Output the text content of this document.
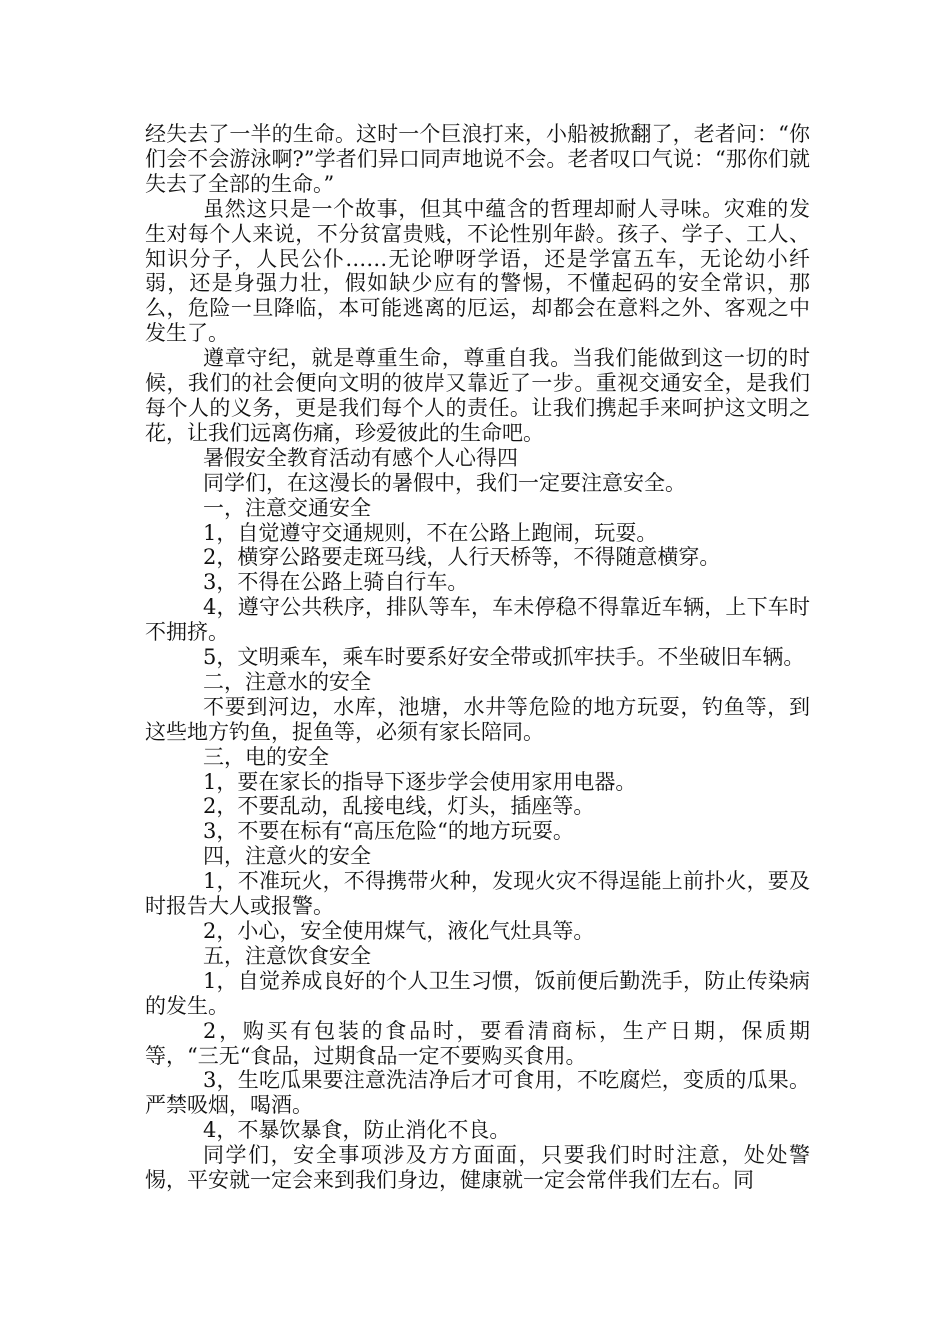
经失去了一半的生命。这时一个巨浪打来，小船被掀翻了，老者问：“你们会不会游泳啊?”学者们异口同声地说不会。老者叹口气说：“那你们就失去了全部的生命。”

虽然这只是一个故事，但其中蕴含的哲理却耐人寻味。灾难的发生对每个人来说，不分贫富贵贱，不论性别年龄。孩子、学子、工人、知识分子，人民公仆……无论咿呀学语，还是学富五车，无论幼小纤弱，还是身强力壮，假如缺少应有的警惕，不懂起码的安全常识，那么，危险一旦降临，本可能逃离的厄运，却都会在意料之外、客观之中发生了。

遵章守纪，就是尊重生命，尊重自我。当我们能做到这一切的时候，我们的社会便向文明的彼岸又靠近了一步。重视交通安全，是我们每个人的义务，更是我们每个人的责任。让我们携起手来呵护这文明之花，让我们远离伤痛，珍爱彼此的生命吧。

暑假安全教育活动有感个人心得四

同学们，在这漫长的暑假中，我们一定要注意安全。

一，注意交通安全

1，自觉遵守交通规则，不在公路上跑闹，玩耍。

2，横穿公路要走斑马线，人行天桥等，不得随意横穿。

3，不得在公路上骑自行车。

4，遵守公共秩序，排队等车，车未停稳不得靠近车辆，上下车时不拥挤。

5，文明乘车，乘车时要系好安全带或抓牢扶手。不坐破旧车辆。

二，注意水的安全

不要到河边，水库，池塘，水井等危险的地方玩耍，钓鱼等，到这些地方钓鱼，捉鱼等，必须有家长陪同。

三，电的安全

1，要在家长的指导下逐步学会使用家用电器。

2，不要乱动，乱接电线，灯头，插座等。

3，不要在标有“高压危险“的地方玩耍。

四，注意火的安全

1，不准玩火，不得携带火种，发现火灾不得逞能上前扑火，要及时报告大人或报警。

2，小心，安全使用煤气，液化气灶具等。

五，注意饮食安全

1，自觉养成良好的个人卫生习惯，饭前便后勤洗手，防止传染病的发生。

2，购买有包装的食品时，要看清商标，生产日期，保质期等，“三无“食品，过期食品一定不要购买食用。

3，生吃瓜果要注意洗洁净后才可食用，不吃腐烂，变质的瓜果。严禁吸烟，喝酒。

4，不暴饮暴食，防止消化不良。

同学们，安全事项涉及方方面面，只要我们时时注意，处处警惕，平安就一定会来到我们身边，健康就一定会常伴我们左右。同
